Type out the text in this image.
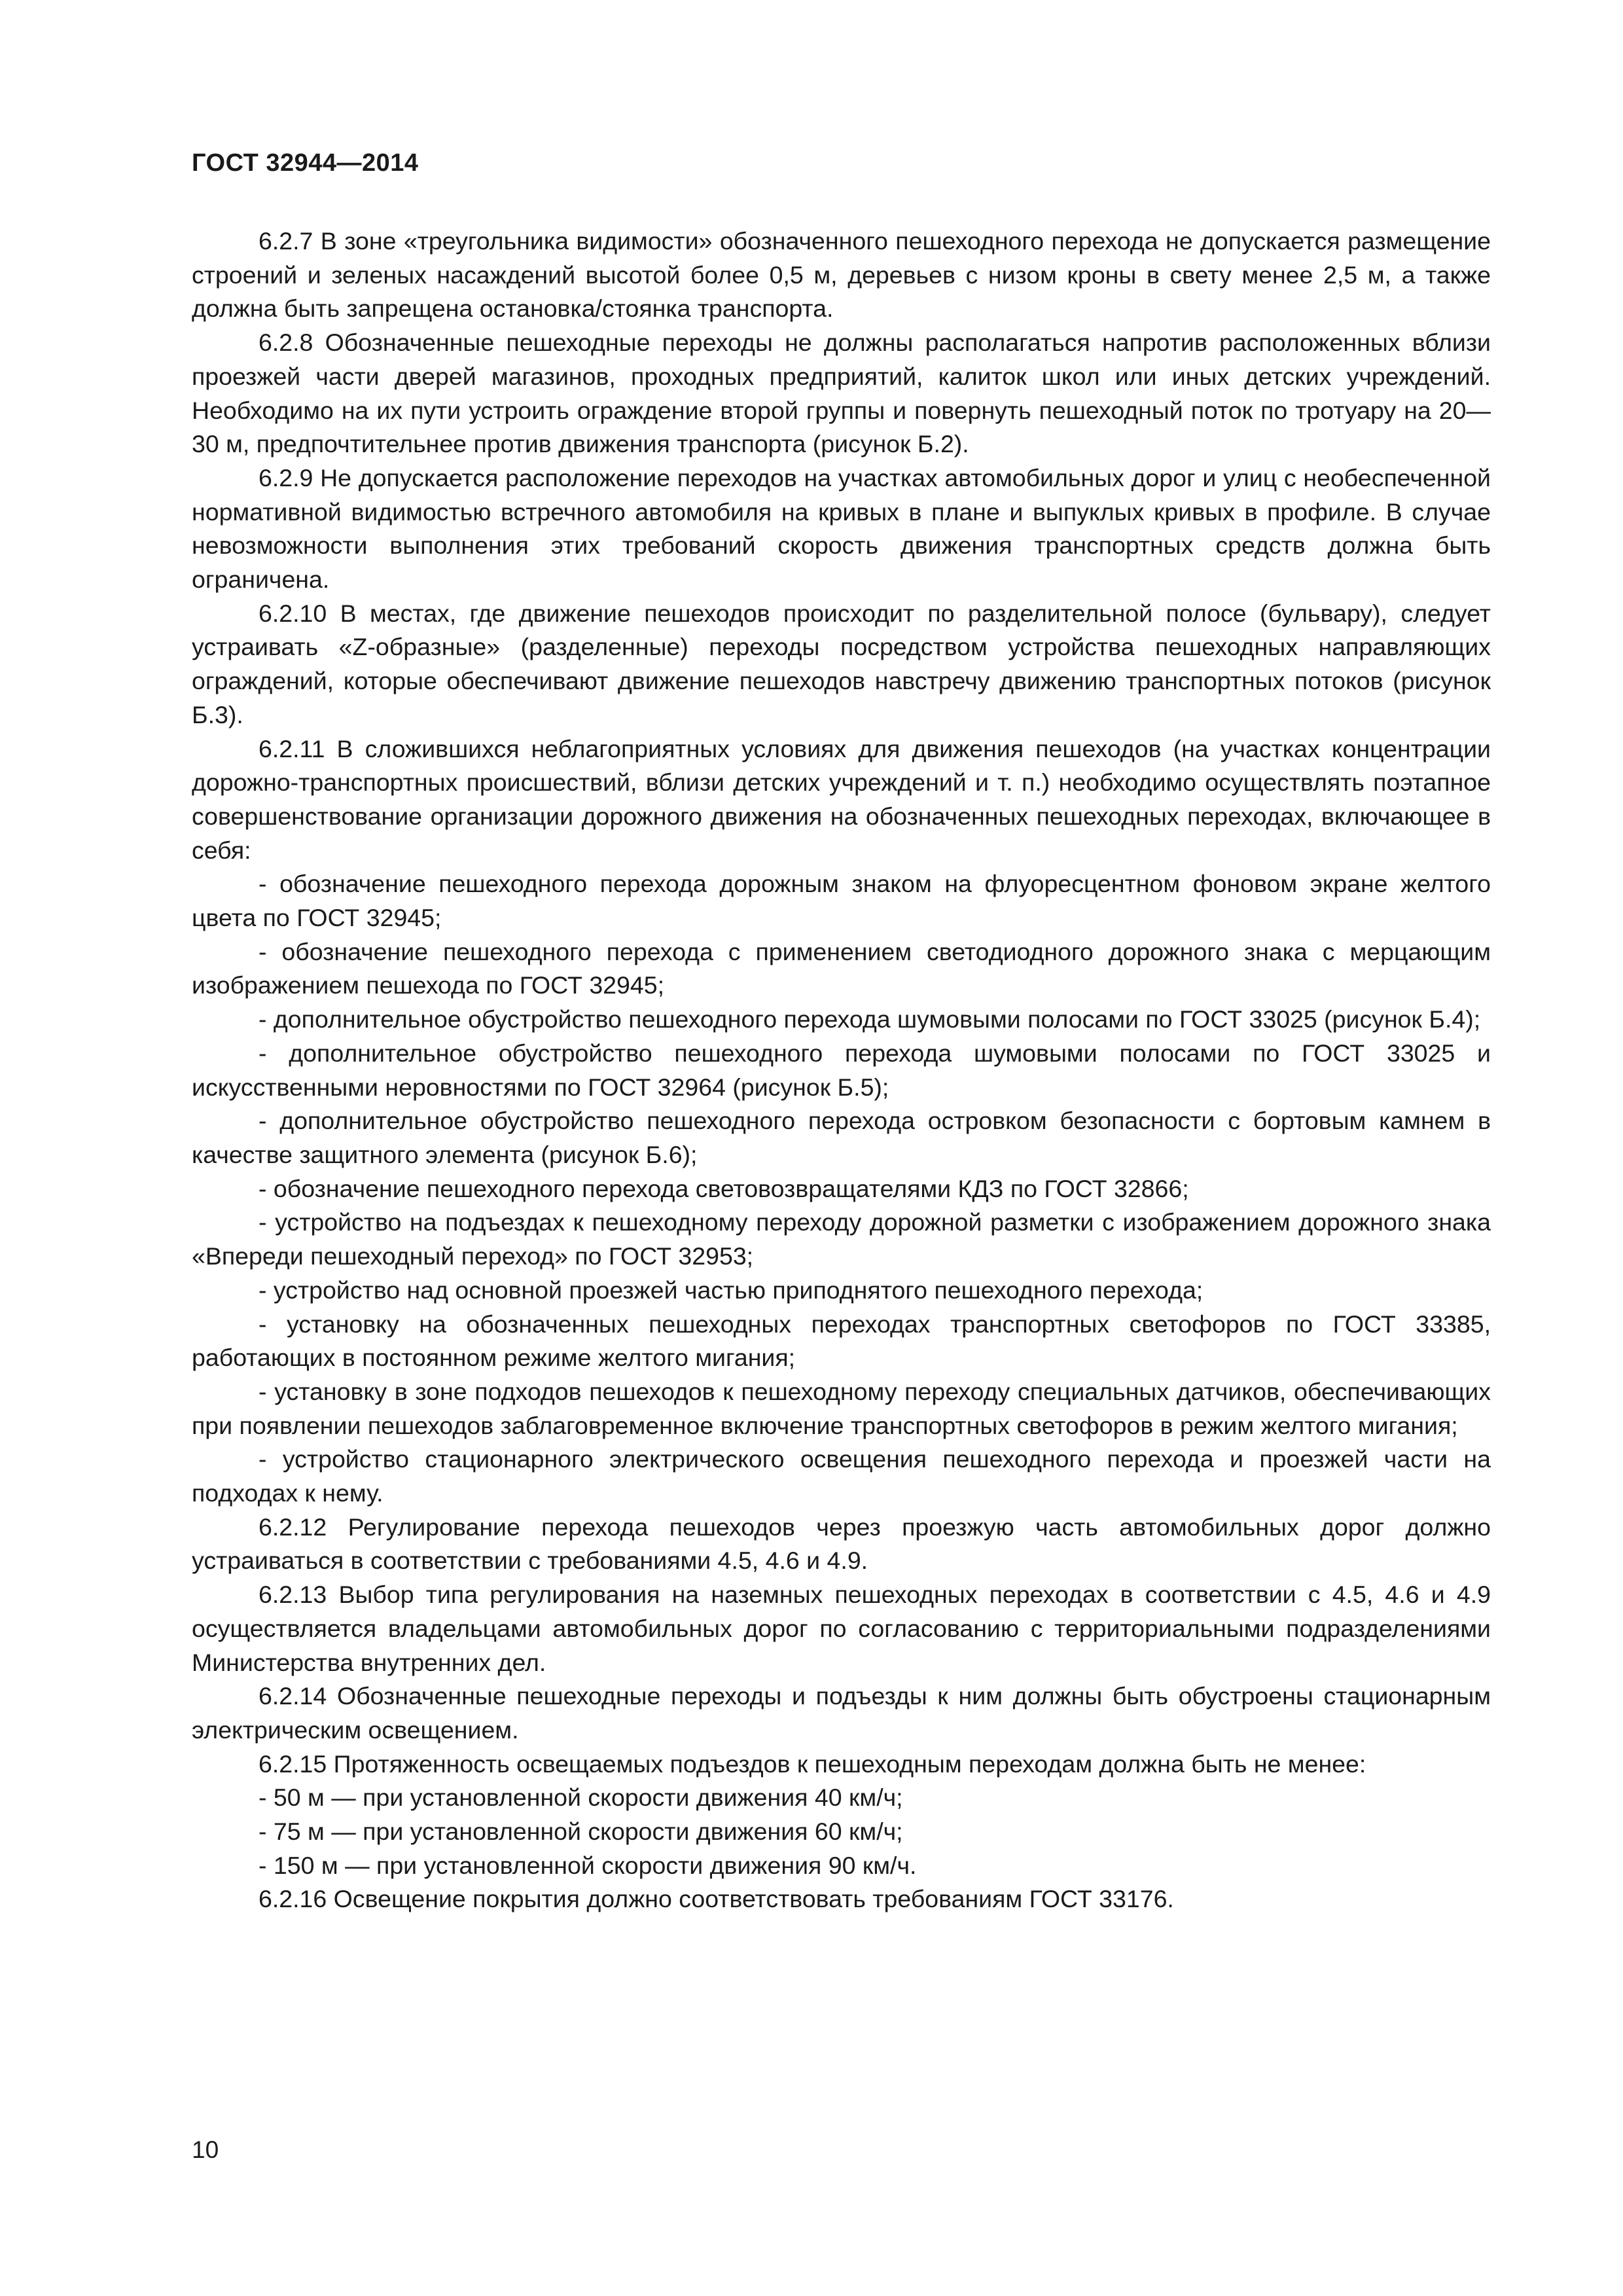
ГОСТ 32944—2014

6.2.7 В зоне «треугольника видимости» обозначенного пешеходного перехода не допускается размещение строений и зеленых насаждений высотой более 0,5 м, деревьев с низом кроны в свету менее 2,5 м, а также должна быть запрещена остановка/стоянка транспорта.

6.2.8 Обозначенные пешеходные переходы не должны располагаться напротив расположенных вблизи проезжей части дверей магазинов, проходных предприятий, калиток школ или иных детских учреждений. Необходимо на их пути устроить ограждение второй группы и повернуть пешеходный поток по тротуару на 20—30 м, предпочтительнее против движения транспорта (рисунок Б.2).

6.2.9 Не допускается расположение переходов на участках автомобильных дорог и улиц с необеспеченной нормативной видимостью встречного автомобиля на кривых в плане и выпуклых кривых в профиле. В случае невозможности выполнения этих требований скорость движения транспортных средств должна быть ограничена.

6.2.10 В местах, где движение пешеходов происходит по разделительной полосе (бульвару), следует устраивать «Z-образные» (разделенные) переходы посредством устройства пешеходных направляющих ограждений, которые обеспечивают движение пешеходов навстречу движению транспортных потоков (рисунок Б.3).

6.2.11 В сложившихся неблагоприятных условиях для движения пешеходов (на участках концентрации дорожно-транспортных происшествий, вблизи детских учреждений и т. п.) необходимо осуществлять поэтапное совершенствование организации дорожного движения на обозначенных пешеходных переходах, включающее в себя:

- обозначение пешеходного перехода дорожным знаком на флуоресцентном фоновом экране желтого цвета по ГОСТ 32945;

- обозначение пешеходного перехода с применением светодиодного дорожного знака с мерцающим изображением пешехода по ГОСТ 32945;

- дополнительное обустройство пешеходного перехода шумовыми полосами по ГОСТ 33025 (рисунок Б.4);

- дополнительное обустройство пешеходного перехода шумовыми полосами по ГОСТ 33025 и искусственными неровностями по ГОСТ 32964 (рисунок Б.5);

- дополнительное обустройство пешеходного перехода островком безопасности с бортовым камнем в качестве защитного элемента (рисунок Б.6);

- обозначение пешеходного перехода световозвращателями КДЗ по ГОСТ 32866;

- устройство на подъездах к пешеходному переходу дорожной разметки с изображением дорожного знака «Впереди пешеходный переход» по ГОСТ 32953;

- устройство над основной проезжей частью приподнятого пешеходного перехода;

- установку на обозначенных пешеходных переходах транспортных светофоров по ГОСТ 33385, работающих в постоянном режиме желтого мигания;

- установку в зоне подходов пешеходов к пешеходному переходу специальных датчиков, обеспечивающих при появлении пешеходов заблаговременное включение транспортных светофоров в режим желтого мигания;

- устройство стационарного электрического освещения пешеходного перехода и проезжей части на подходах к нему.

6.2.12 Регулирование перехода пешеходов через проезжую часть автомобильных дорог должно устраиваться в соответствии с требованиями 4.5, 4.6 и 4.9.

6.2.13 Выбор типа регулирования на наземных пешеходных переходах в соответствии с 4.5, 4.6 и 4.9 осуществляется владельцами автомобильных дорог по согласованию с территориальными подразделениями Министерства внутренних дел.

6.2.14 Обозначенные пешеходные переходы и подъезды к ним должны быть обустроены стационарным электрическим освещением.

6.2.15 Протяженность освещаемых подъездов к пешеходным переходам должна быть не менее:

- 50 м — при установленной скорости движения 40 км/ч;

- 75 м — при установленной скорости движения 60 км/ч;

- 150 м — при установленной скорости движения 90 км/ч.

6.2.16 Освещение покрытия должно соответствовать требованиям ГОСТ 33176.

10
